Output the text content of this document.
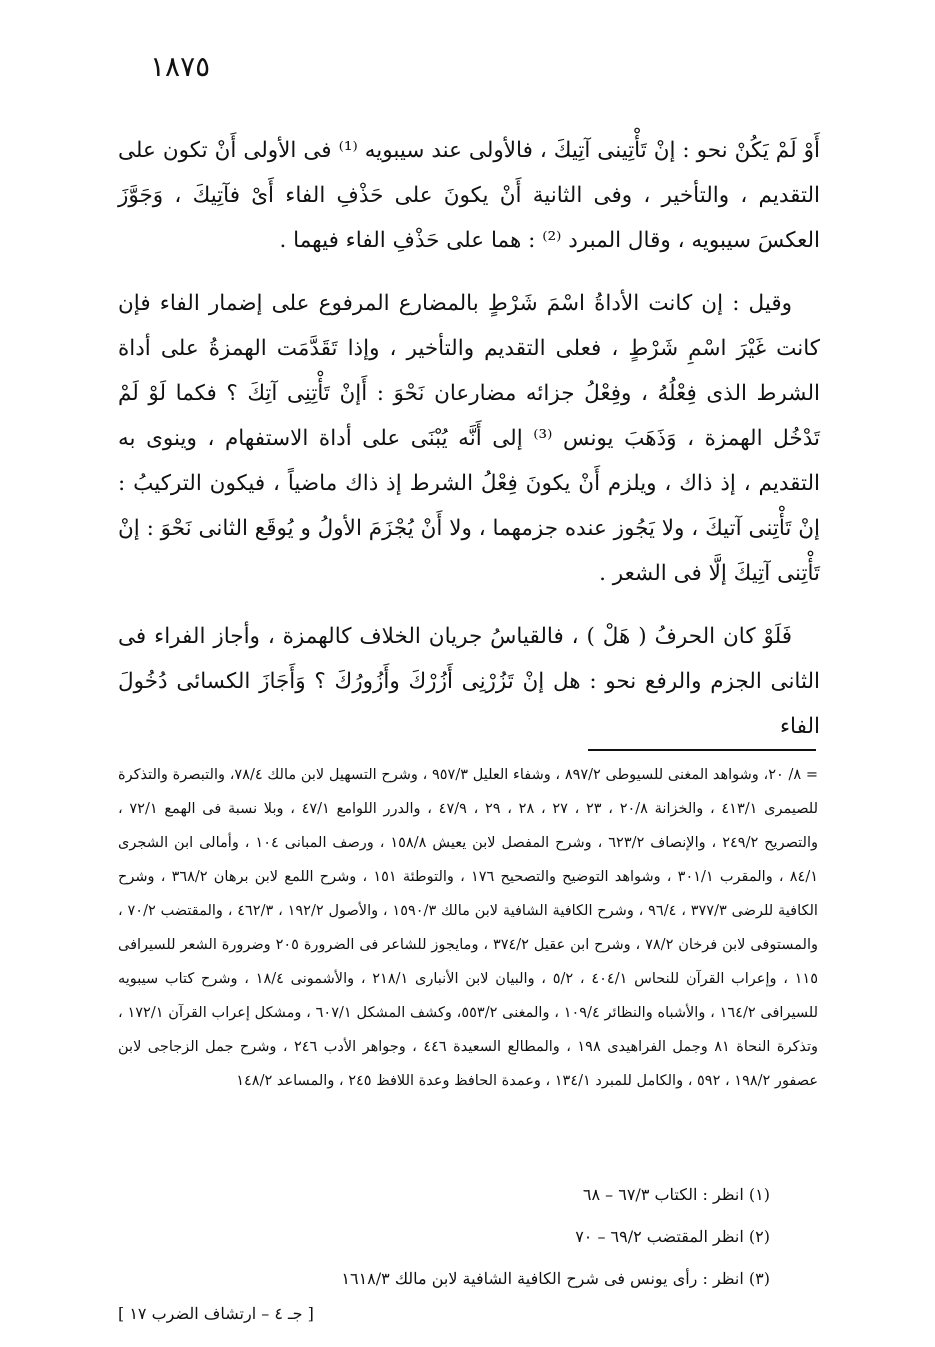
١٨٧٥

أَوْ لَمْ يَكُنْ نحو : إنْ تَأْتِينى آتِيكَ ، فالأولى عند سيبويه ⁽¹⁾ فى الأولى أَنْ تكون على التقديم ، والتأخير ، وفى الثانية أَنْ يكونَ على حَذْفِ الفاء أَىْ فآتِيكَ ، وَجَوَّزَ العكسَ سيبويه ، وقال المبرد ⁽²⁾ : هما على حَذْفِ الفاء فيهما .

وقيل : إن كانت الأداةُ اسْمَ شَرْطٍ بالمضارع المرفوع على إضمار الفاء فإن كانت غَيْرَ اسْمِ شَرْطٍ ، فعلى التقديم والتأخير ، وإذا تَقَدَّمَت الهمزةُ على أداة الشرط الذى فِعْلُهُ ، وفِعْلُ جزائه مضارعان نَحْوَ : أَإنْ تَأْتِنِى آتِكَ ؟ فكما لَوْ لَمْ تَدْخُل الهمزة ، وَذَهَبَ يونس ⁽³⁾ إلى أَنَّه يُبْنَى على أداة الاستفهام ، وينوى به التقديم ، إذ ذاك ، ويلزم أَنْ يكونَ فِعْلُ الشرط إذ ذاك ماضياً ، فيكون التركيبُ : إنْ تَأْتِنى آتيكَ ، ولا يَجُوز عنده جزمهما ، ولا أَنْ يُجْزَمَ الأولُ و يُوقَع الثانى نَحْوَ : إنْ تَأْتِنى آتِيكَ إلَّا فى الشعر .

فَلَوْ كان الحرفُ ( هَلْ ) ، فالقياسُ جريان الخلاف كالهمزة ، وأجاز الفراء فى الثانى الجزم والرفع نحو : هل إنْ تَزُرْنِى أَزُرْكَ وأَزُورُكَ ؟ وَأَجَازَ الكسائى دُخُولَ الفاء

= ٨/ ٢٠، وشواهد المغنى للسيوطى ٨٩٧/٢ ، وشفاء العليل ٩٥٧/٣ ، وشرح التسهيل لابن مالك ٧٨/٤، والتبصرة والتذكرة للصيمرى ٤١٣/١ ، والخزانة ٢٠/٨ ، ٢٣ ، ٢٧ ، ٢٨ ، ٢٩ ، ٤٧/٩ ، والدرر اللوامع ٤٧/١ ، وبلا نسبة فى الهمع ٧٢/١ ، والتصريح ٢٤٩/٢ ، والإنصاف ٦٢٣/٢ ، وشرح المفصل لابن يعيش ١٥٨/٨ ، ورصف المبانى ١٠٤ ، وأمالى ابن الشجرى ٨٤/١ ، والمقرب ٣٠١/١ ، وشواهد التوضيح والتصحيح ١٧٦ ، والتوطئة ١٥١ ، وشرح اللمع لابن برهان ٣٦٨/٢ ، وشرح الكافية للرضى ٣٧٧/٣ ، ٩٦/٤ ، وشرح الكافية الشافية لابن مالك ١٥٩٠/٣ ، والأصول ١٩٢/٢ ، ٤٦٢/٣ ، والمقتضب ٧٠/٢ ، والمستوفى لابن فرخان ٧٨/٢ ، وشرح ابن عقيل ٣٧٤/٢ ، ومايجوز للشاعر فى الضرورة ٢٠٥ وضرورة الشعر للسيرافى ١١٥ ، وإعراب القرآن للنحاس ٤٠٤/١ ، ٥/٢ ، والبيان لابن الأنبارى ٢١٨/١ ، والأشمونى ١٨/٤ ، وشرح كتاب سيبويه للسيرافى ١٦٤/٢ ، والأشباه والنظائر ١٠٩/٤ ، والمغنى ٥٥٣/٢، وكشف المشكل ٦٠٧/١ ، ومشكل إعراب القرآن ١٧٢/١ ، وتذكرة النحاة ٨١ وجمل الفراهيدى ١٩٨ ، والمطالع السعيدة ٤٤٦ ، وجواهر الأدب ٢٤٦ ، وشرح جمل الزجاجى لابن عصفور ١٩٨/٢ ، ٥٩٢ ، والكامل للمبرد ١٣٤/١ ، وعمدة الحافظ وعدة اللافظ ٢٤٥ ، والمساعد ١٤٨/٢

(١) انظر : الكتاب ٦٧/٣ – ٦٨
(٢) انظر المقتضب ٦٩/٢ – ٧٠
(٣) انظر : رأى يونس فى شرح الكافية الشافية لابن مالك ١٦١٨/٣
[ جـ ٤ – ارتشاف الضرب ١٧ ]
